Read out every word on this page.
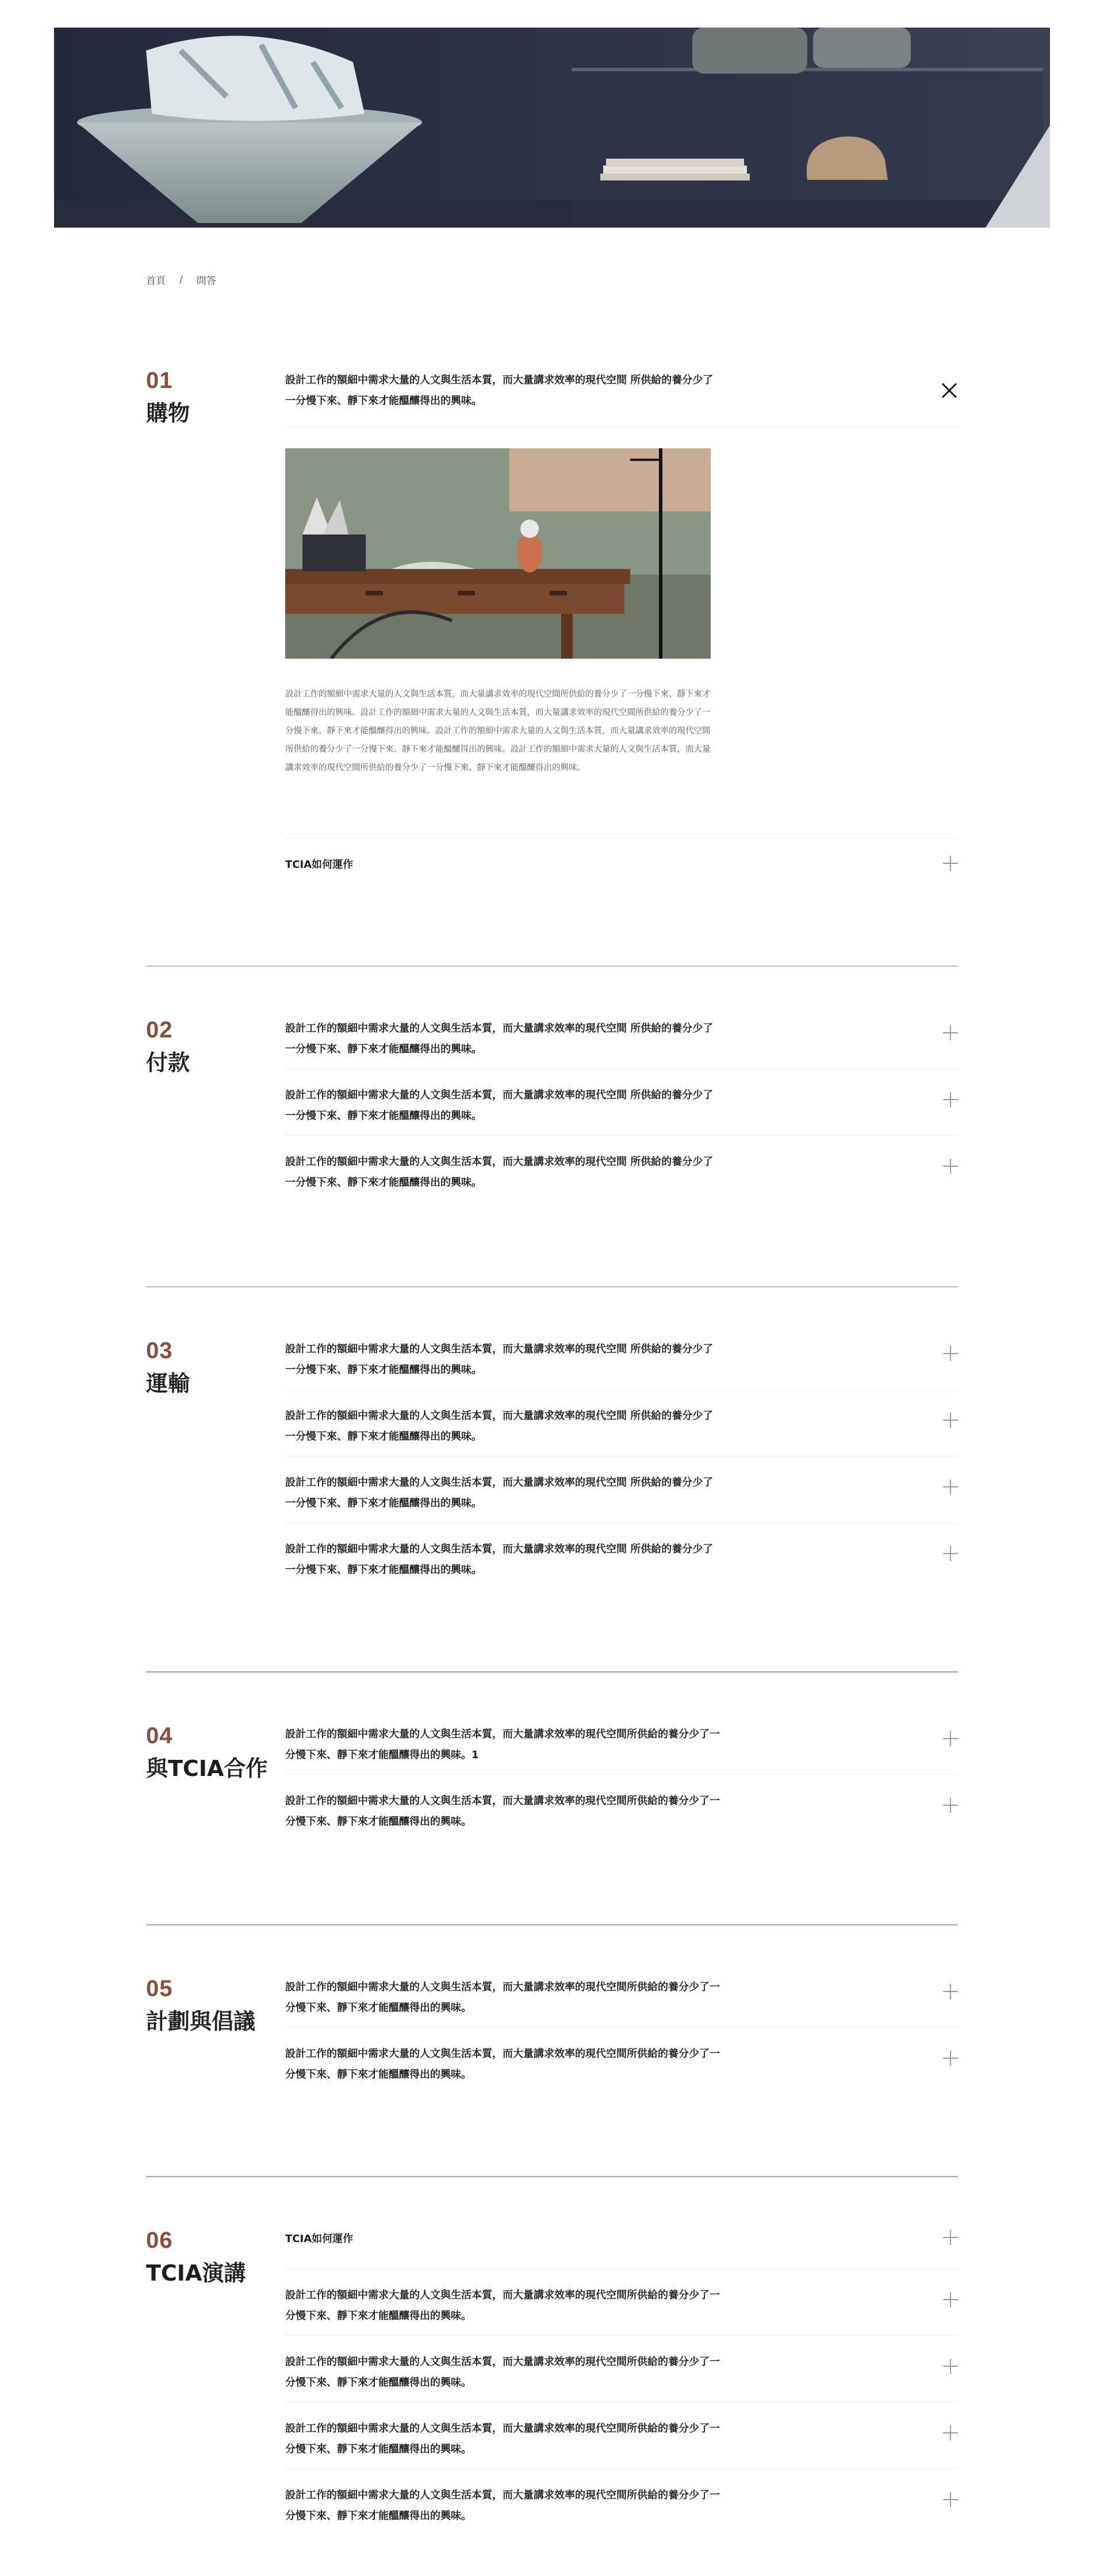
首頁 / 問答
01
購物
設計工作的額細中需求大量的人文與生活本質，而大量講求效率的現代空間 所供給的養分少了一分慢下來、靜下來才能醞釀得出的興味。
設計工作的額細中需求大量的人文與生活本質，而大量講求效率的現代空間所供給的養分少了一分慢下來、靜下來才能醞釀得出的興味。設計工作的額細中需求大量的人文與生活本質，而大量講求效率的現代空間所供給的養分少了一分慢下來、靜下來才能醞釀得出的興味。設計工作的額細中需求大量的人文與生活本質，而大量講求效率的現代空間所供給的養分少了一分慢下來、靜下來才能醞釀得出的興味。設計工作的額細中需求大量的人文與生活本質，而大量講求效率的現代空間所供給的養分少了一分慢下來、靜下來才能醞釀得出的興味。
TCIA如何運作
02
付款
設計工作的額細中需求大量的人文與生活本質，而大量講求效率的現代空間 所供給的養分少了一分慢下來、靜下來才能醞釀得出的興味。
設計工作的額細中需求大量的人文與生活本質，而大量講求效率的現代空間 所供給的養分少了一分慢下來、靜下來才能醞釀得出的興味。
設計工作的額細中需求大量的人文與生活本質，而大量講求效率的現代空間 所供給的養分少了一分慢下來、靜下來才能醞釀得出的興味。
03
運輸
設計工作的額細中需求大量的人文與生活本質，而大量講求效率的現代空間 所供給的養分少了一分慢下來、靜下來才能醞釀得出的興味。
設計工作的額細中需求大量的人文與生活本質，而大量講求效率的現代空間 所供給的養分少了一分慢下來、靜下來才能醞釀得出的興味。
設計工作的額細中需求大量的人文與生活本質，而大量講求效率的現代空間 所供給的養分少了一分慢下來、靜下來才能醞釀得出的興味。
設計工作的額細中需求大量的人文與生活本質，而大量講求效率的現代空間 所供給的養分少了一分慢下來、靜下來才能醞釀得出的興味。
04
與TCIA合作
設計工作的額細中需求大量的人文與生活本質，而大量講求效率的現代空間所供給的養分少了一分慢下來、靜下來才能醞釀得出的興味。1
設計工作的額細中需求大量的人文與生活本質，而大量講求效率的現代空間所供給的養分少了一分慢下來、靜下來才能醞釀得出的興味。
05
計劃與倡議
設計工作的額細中需求大量的人文與生活本質，而大量講求效率的現代空間所供給的養分少了一分慢下來、靜下來才能醞釀得出的興味。
設計工作的額細中需求大量的人文與生活本質，而大量講求效率的現代空間所供給的養分少了一分慢下來、靜下來才能醞釀得出的興味。
06
TCIA演講
TCIA如何運作
設計工作的額細中需求大量的人文與生活本質，而大量講求效率的現代空間所供給的養分少了一分慢下來、靜下來才能醞釀得出的興味。
設計工作的額細中需求大量的人文與生活本質，而大量講求效率的現代空間所供給的養分少了一分慢下來、靜下來才能醞釀得出的興味。
設計工作的額細中需求大量的人文與生活本質，而大量講求效率的現代空間所供給的養分少了一分慢下來、靜下來才能醞釀得出的興味。
設計工作的額細中需求大量的人文與生活本質，而大量講求效率的現代空間所供給的養分少了一分慢下來、靜下來才能醞釀得出的興味。
